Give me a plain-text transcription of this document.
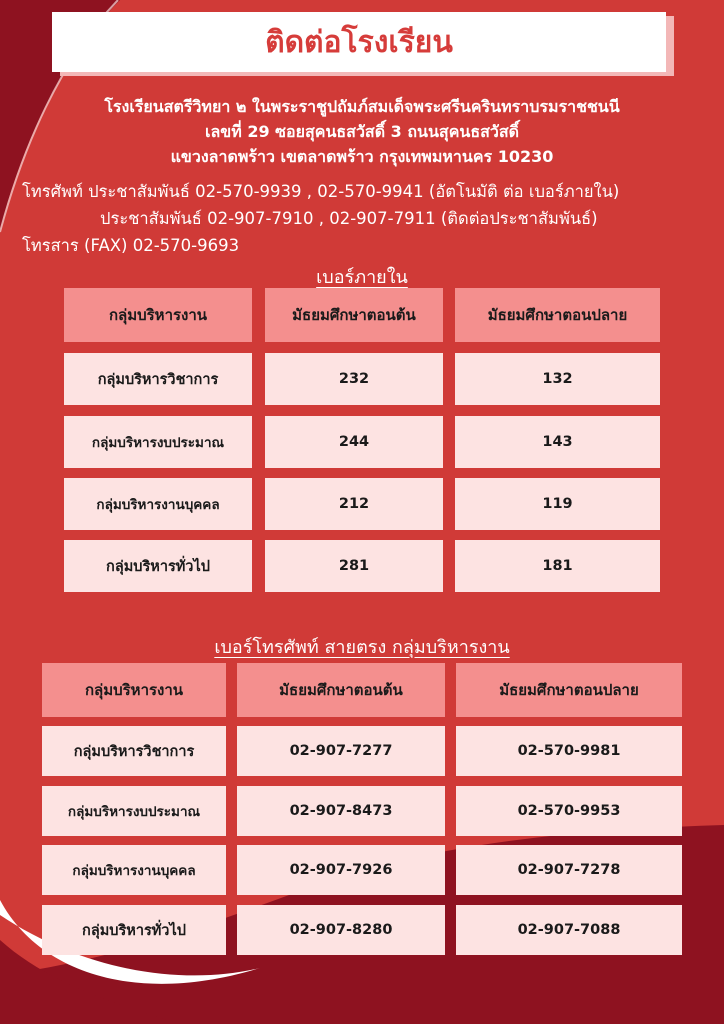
ติดต่อโรงเรียน
โรงเรียนสตรีวิทยา ๒ ในพระราชูปถัมภ์สมเด็จพระศรีนครินทราบรมราชชนนี
เลขที่ 29 ซอยสุคนธสวัสดิ์ 3 ถนนสุคนธสวัสดิ์
แขวงลาดพร้าว เขตลาดพร้าว กรุงเทพมหานคร 10230
โทรศัพท์ ประชาสัมพันธ์ 02-570-9939 , 02-570-9941 (อัตโนมัติ ต่อ เบอร์ภายใน)
ประชาสัมพันธ์ 02-907-7910 , 02-907-7911 (ติดต่อประชาสัมพันธ์)
โทรสาร (FAX) 02-570-9693
เบอร์ภายใน
กลุ่มบริหารงาน	มัธยมศึกษาตอนต้น	มัธยมศึกษาตอนปลาย
กลุ่มบริหารวิชาการ	232	132
กลุ่มบริหารงบประมาณ	244	143
กลุ่มบริหารงานบุคคล	212	119
กลุ่มบริหารทั่วไป	281	181
เบอร์โทรศัพท์ สายตรง กลุ่มบริหารงาน
กลุ่มบริหารงาน	มัธยมศึกษาตอนต้น	มัธยมศึกษาตอนปลาย
กลุ่มบริหารวิชาการ	02-907-7277	02-570-9981
กลุ่มบริหารงบประมาณ	02-907-8473	02-570-9953
กลุ่มบริหารงานบุคคล	02-907-7926	02-907-7278
กลุ่มบริหารทั่วไป	02-907-8280	02-907-7088
